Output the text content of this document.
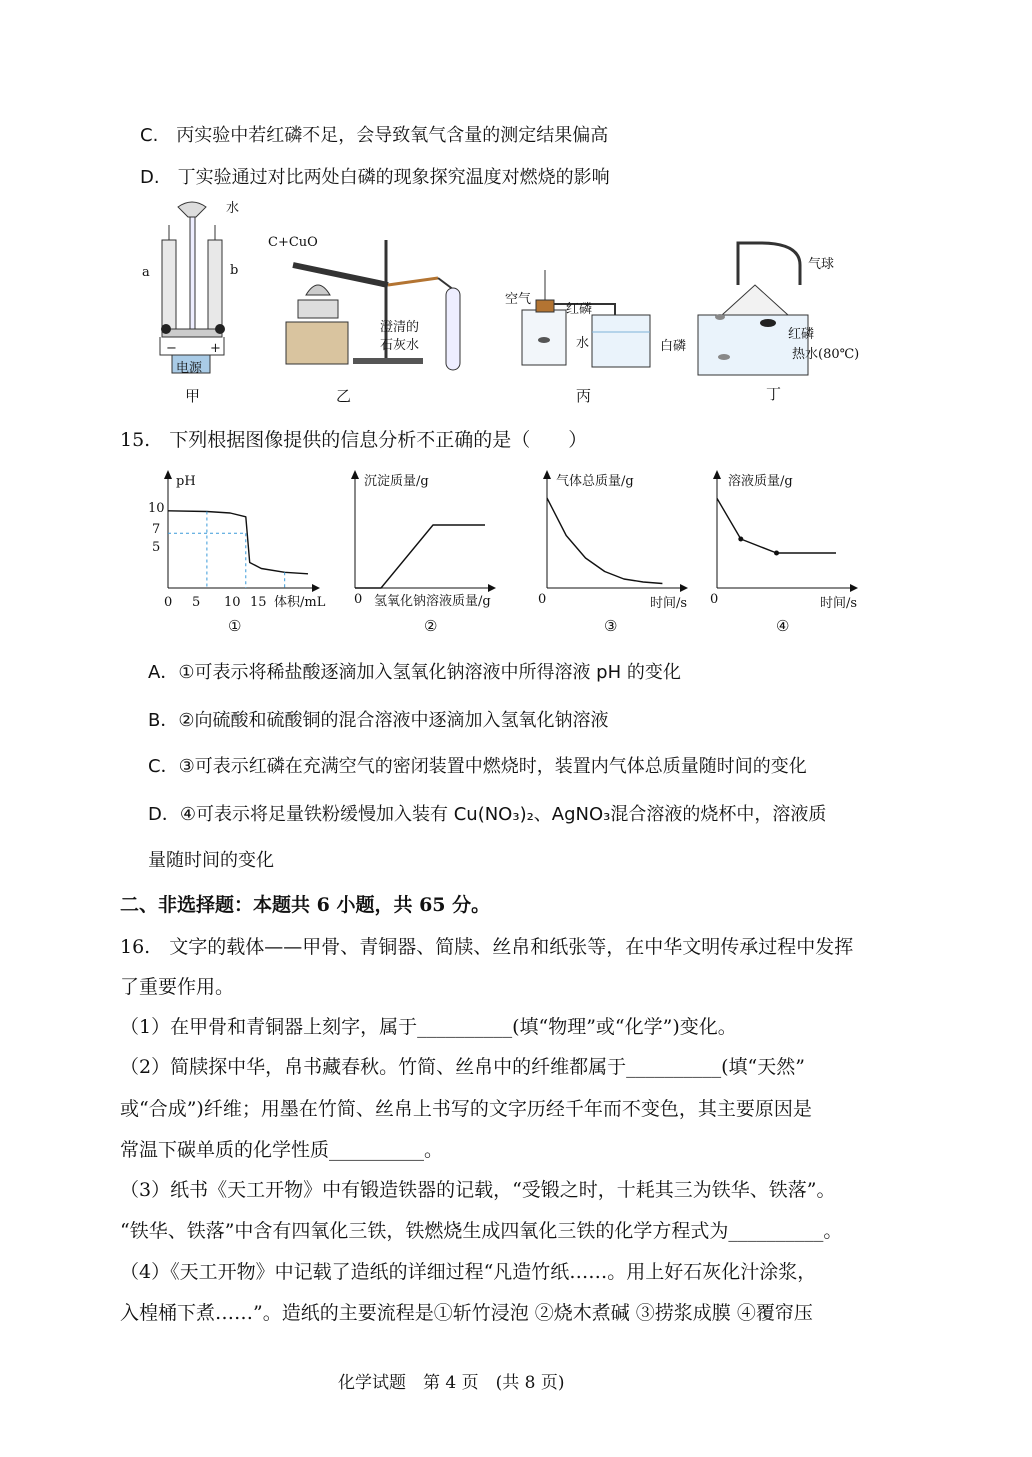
C.　丙实验中若红磷不足，会导致氧气含量的测定结果偏高
D.　丁实验通过对比两处白磷的现象探究温度对燃烧的影响
水
a	b
−	+
电源
甲
C+CuO
澄清的
石灰水
乙
空气
红磷
水
丙
气球
红磷
白磷
热水(80℃)
丁
15.　下列根据图像提供的信息分析不正确的是（　　）
pH
10
7
5
0 5 10 15 体积/mL
①
沉淀质量/g
0 氢氧化钠溶液质量/g
②
气体总质量/g
0	时间/s
③
溶液质量/g
0	时间/s
④
A．①可表示将稀盐酸逐滴加入氢氧化钠溶液中所得溶液 pH 的变化
B．②向硫酸和硫酸铜的混合溶液中逐滴加入氢氧化钠溶液
C．③可表示红磷在充满空气的密闭装置中燃烧时，装置内气体总质量随时间的变化
D．④可表示将足量铁粉缓慢加入装有 Cu(NO₃)₂、AgNO₃混合溶液的烧杯中，溶液质
量随时间的变化
二、非选择题：本题共 6 小题，共 65 分。
16.　文字的载体——甲骨、青铜器、简牍、丝帛和纸张等，在中华文明传承过程中发挥
了重要作用。
（1）在甲骨和青铜器上刻字，属于__________(填“物理”或“化学”)变化。
（2）简牍探中华，帛书藏春秋。竹简、丝帛中的纤维都属于__________(填“天然”
或“合成”)纤维；用墨在竹简、丝帛上书写的文字历经千年而不变色，其主要原因是
常温下碳单质的化学性质__________。
（3）纸书《天工开物》中有锻造铁器的记载，“受锻之时，十耗其三为铁华、铁落”。
“铁华、铁落”中含有四氧化三铁，铁燃烧生成四氧化三铁的化学方程式为__________。
（4）《天工开物》中记载了造纸的详细过程“凡造竹纸……。用上好石灰化汁涂浆，
入楻桶下煮……”。造纸的主要流程是①斩竹浸泡 ②烧木煮碱 ③捞浆成膜 ④覆帘压
化学试题　第 4 页　(共 8 页)
